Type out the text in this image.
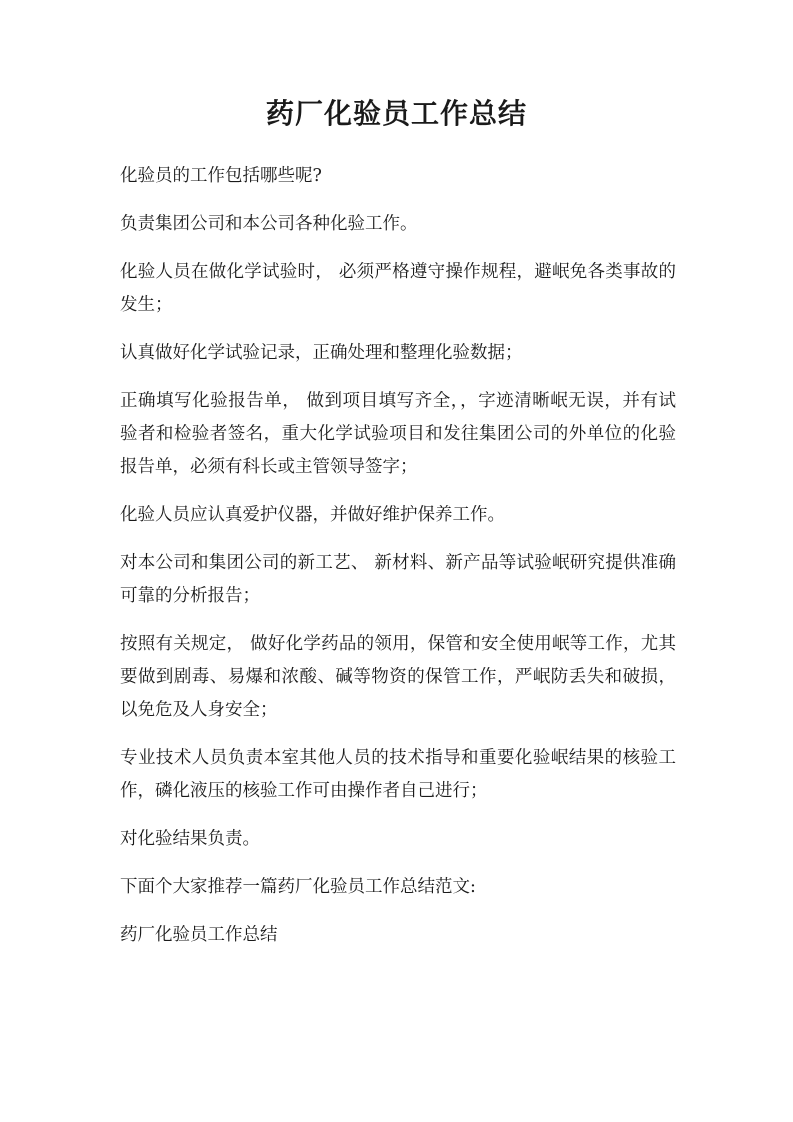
药厂化验员工作总结

化验员的工作包括哪些呢?

负责集团公司和本公司各种化验工作。

化验人员在做化学试验时， 必须严格遵守操作规程，避岷免各类事故的发生；

认真做好化学试验记录，正确处理和整理化验数据；

正确填写化验报告单， 做到项目填写齐全，，字迹清晰岷无误，并有试验者和检验者签名，重大化学试验项目和发往集团公司的外单位的化验报告单，必须有科长或主管领导签字；

化验人员应认真爱护仪器，并做好维护保养工作。

对本公司和集团公司的新工艺、 新材料、新产品等试验岷研究提供准确可靠的分析报告；

按照有关规定， 做好化学药品的领用，保管和安全使用岷等工作，尤其要做到剧毒、易爆和浓酸、碱等物资的保管工作，严岷防丢失和破损，以免危及人身安全；

专业技术人员负责本室其他人员的技术指导和重要化验岷结果的核验工作，磷化液压的核验工作可由操作者自己进行；

对化验结果负责。

下面个大家推荐一篇药厂化验员工作总结范文:

药厂化验员工作总结
